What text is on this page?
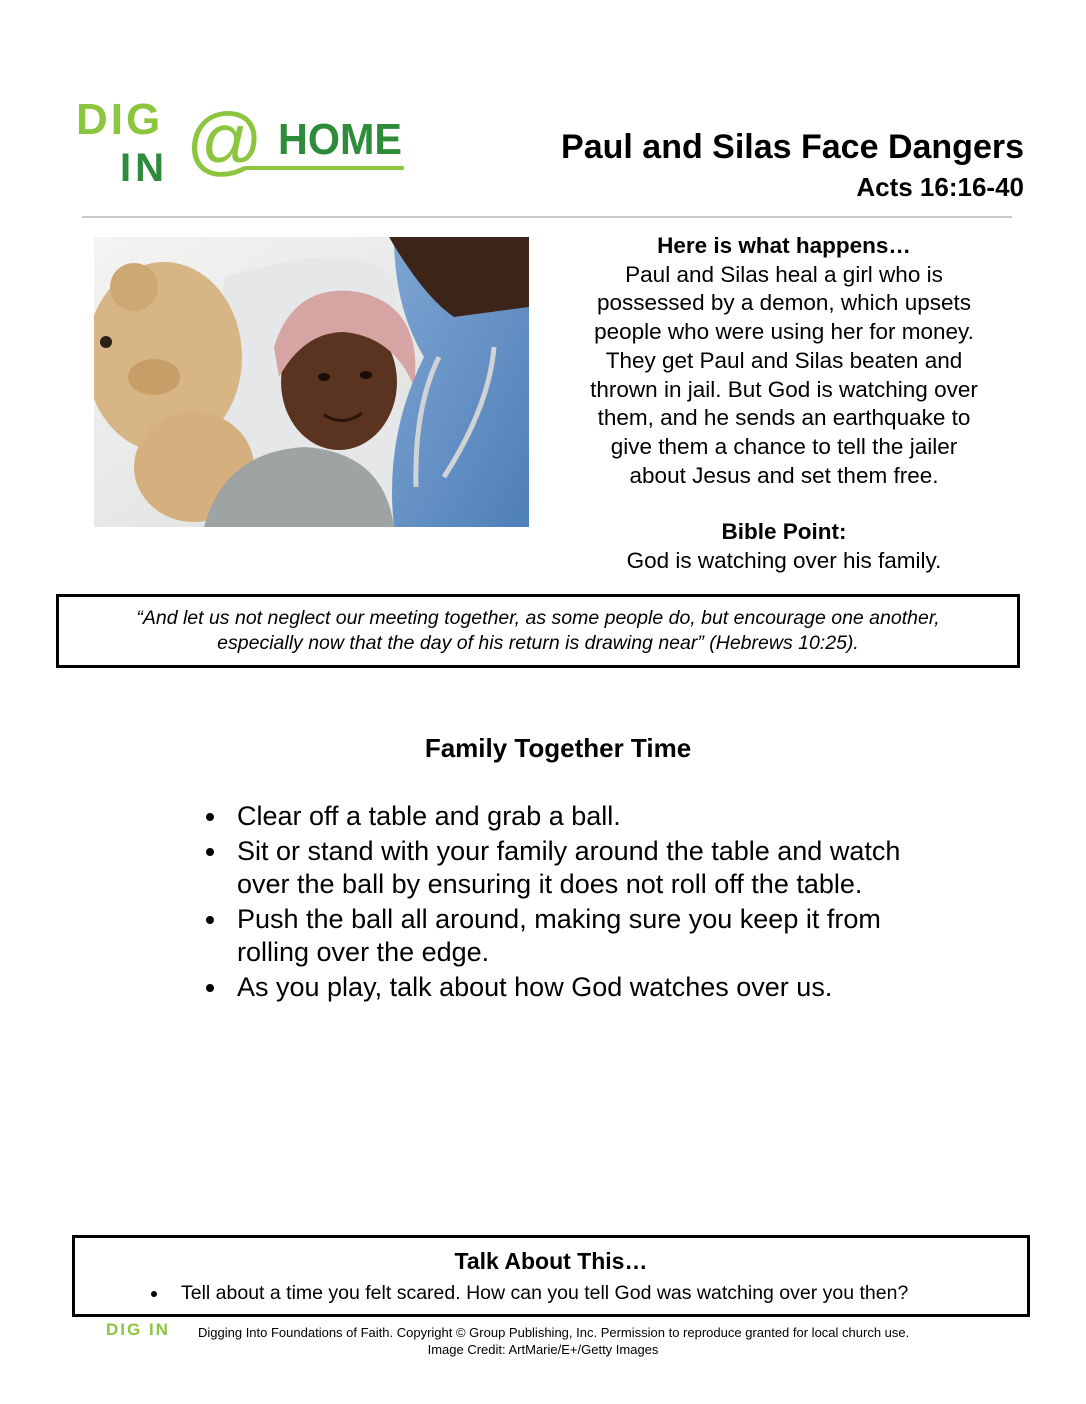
DIG
IN @ HOME	Paul and Silas Face Dangers
Acts 16:16-40
Here is what happens…
Paul and Silas heal a girl who is
possessed by a demon, which upsets
people who were using her for money.
They get Paul and Silas beaten and
thrown in jail. But God is watching over
them, and he sends an earthquake to
give them a chance to tell the jailer
about Jesus and set them free.
Bible Point:
God is watching over his family.
“And let us not neglect our meeting together, as some people do, but encourage one another,
especially now that the day of his return is drawing near” (Hebrews 10:25).
Family Together Time
Clear off a table and grab a ball.
Sit or stand with your family around the table and watch over the ball by ensuring it does not roll off the table.
Push the ball all around, making sure you keep it from rolling over the edge.
As you play, talk about how God watches over us.
Talk About This…
Tell about a time you felt scared. How can you tell God was watching over you then?
DIG IN Digging Into Foundations of Faith. Copyright © Group Publishing, Inc. Permission to reproduce granted for local church use.
Image Credit: ArtMarie/E+/Getty Images
